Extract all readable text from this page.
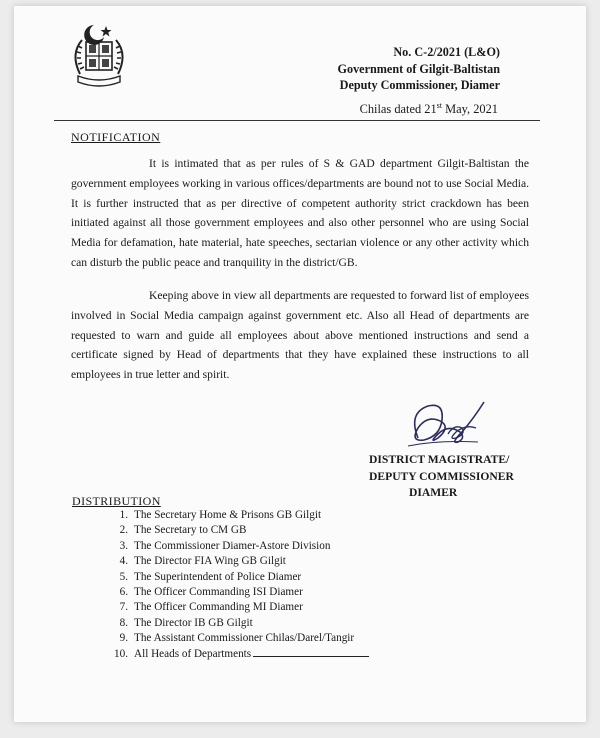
No. C-2/2021 (L&O)
Government of Gilgit-Baltistan
Deputy Commissioner, Diamer
Chilas dated 21st May, 2021
NOTIFICATION
It is intimated that as per rules of S & GAD department Gilgit-Baltistan the government employees working in various offices/departments are bound not to use Social Media. It is further instructed that as per directive of competent authority strict crackdown has been initiated against all those government employees and also other personnel who are using Social Media for defamation, hate material, hate speeches, sectarian violence or any other activity which can disturb the public peace and tranquility in the district/GB.
Keeping above in view all departments are requested to forward list of employees involved in Social Media campaign against government etc. Also all Head of departments are requested to warn and guide all employees about above mentioned instructions and send a certificate signed by Head of departments that they have explained these instructions to all employees in true letter and spirit.
DISTRICT MAGISTRATE/
DEPUTY COMMISSIONER
DIAMER
DISTRIBUTION
1. The Secretary Home & Prisons GB Gilgit
2. The Secretary to CM GB
3. The Commissioner Diamer-Astore Division
4. The Director FIA Wing GB Gilgit
5. The Superintendent of Police Diamer
6. The Officer Commanding ISI Diamer
7. The Officer Commanding MI Diamer
8. The Director IB GB Gilgit
9. The Assistant Commissioner Chilas/Darel/Tangir
10. All Heads of Departments
